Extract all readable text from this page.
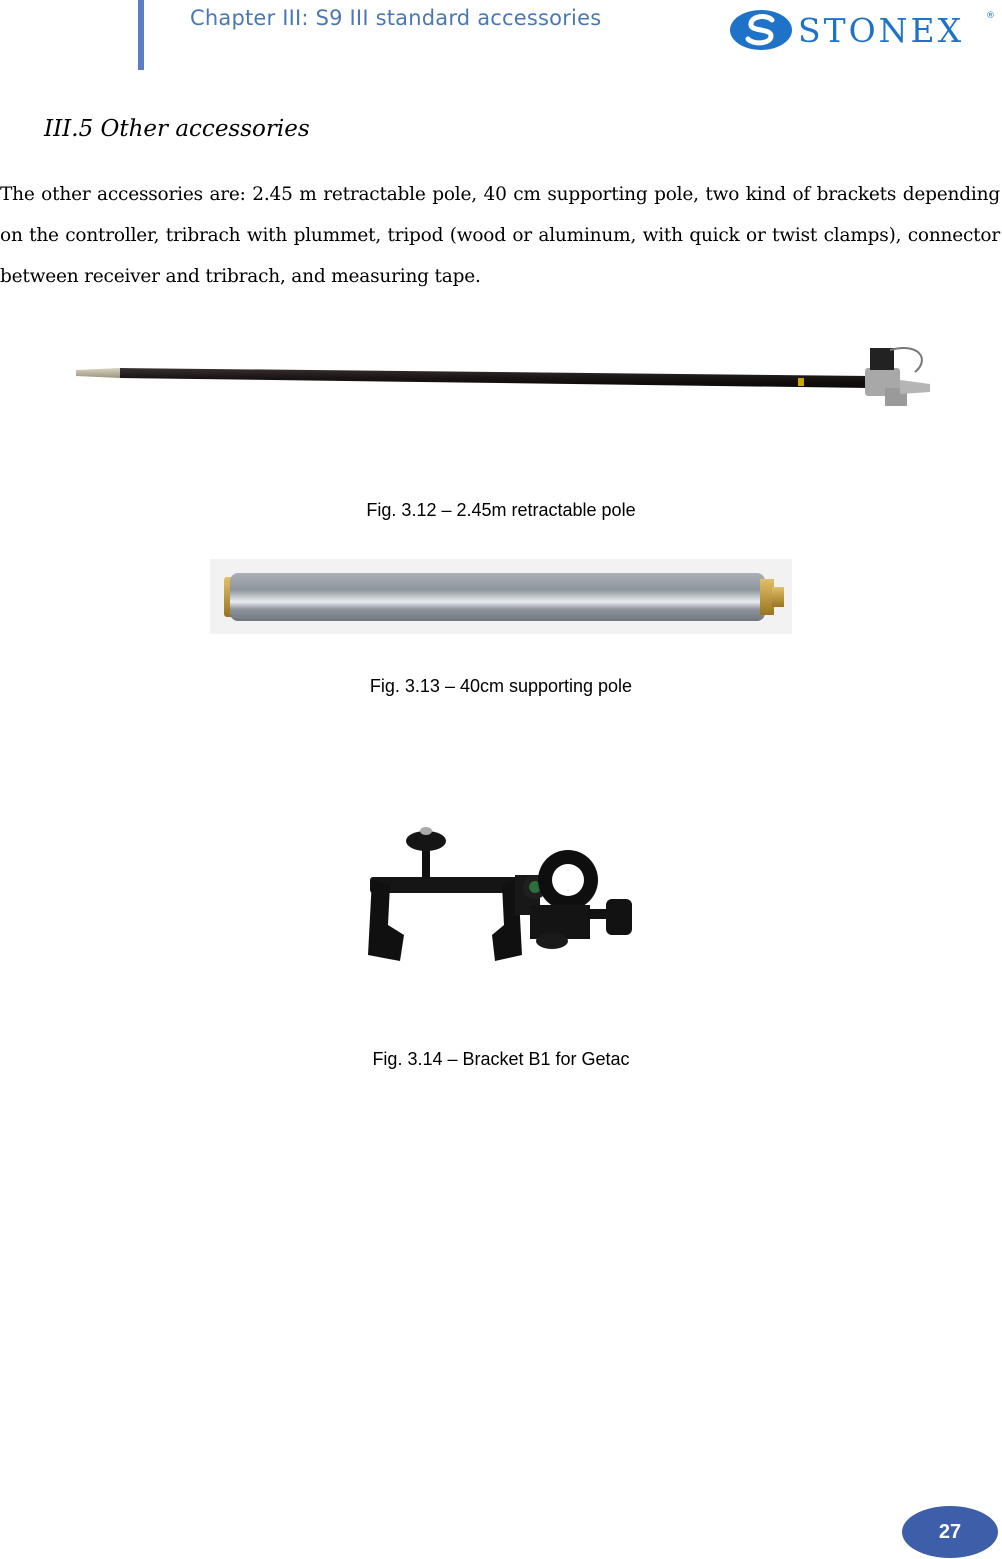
Chapter III: S9 III standard accessories	STONEX ®
III.5 Other accessories

The other accessories are: 2.45 m retractable pole, 40 cm supporting pole, two kind of brackets depending on the controller, tribrach with plummet, tripod (wood or aluminum, with quick or twist clamps), connector between receiver and tribrach, and measuring tape.

Fig. 3.12 – 2.45m retractable pole
Fig. 3.13 – 40cm supporting pole
Fig. 3.14 – Bracket B1 for Getac
27
